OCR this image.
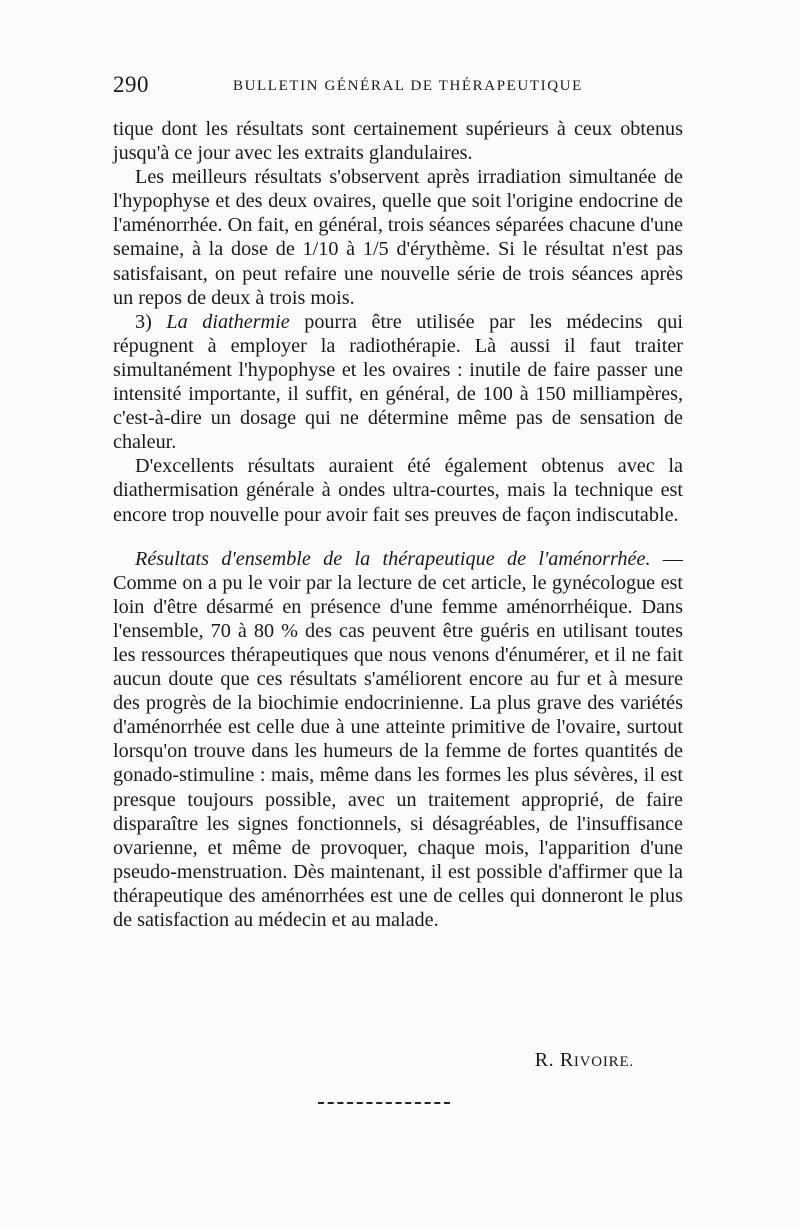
290	BULLETIN GÉNÉRAL DE THÉRAPEUTIQUE

tique dont les résultats sont certainement supérieurs à ceux obtenus jusqu'à ce jour avec les extraits glandulaires.

Les meilleurs résultats s'observent après irradiation simultanée de l'hypophyse et des deux ovaires, quelle que soit l'origine endocrine de l'aménorrhée. On fait, en général, trois séances séparées chacune d'une semaine, à la dose de 1/10 à 1/5 d'érythème. Si le résultat n'est pas satisfaisant, on peut refaire une nouvelle série de trois séances après un repos de deux à trois mois.

3) La diathermie pourra être utilisée par les médecins qui répugnent à employer la radiothérapie. Là aussi il faut traiter simultanément l'hypophyse et les ovaires : inutile de faire passer une intensité importante, il suffit, en général, de 100 à 150 milliampères, c'est-à-dire un dosage qui ne détermine même pas de sensation de chaleur.

D'excellents résultats auraient été également obtenus avec la diathermisation générale à ondes ultra-courtes, mais la technique est encore trop nouvelle pour avoir fait ses preuves de façon indiscutable.

Résultats d'ensemble de la thérapeutique de l'aménorrhée. — Comme on a pu le voir par la lecture de cet article, le gynécologue est loin d'être désarmé en présence d'une femme aménorrhéique. Dans l'ensemble, 70 à 80 % des cas peuvent être guéris en utilisant toutes les ressources thérapeutiques que nous venons d'énumérer, et il ne fait aucun doute que ces résultats s'améliorent encore au fur et à mesure des progrès de la biochimie endocrinienne. La plus grave des variétés d'aménorrhée est celle due à une atteinte primitive de l'ovaire, surtout lorsqu'on trouve dans les humeurs de la femme de fortes quantités de gonado-stimuline : mais, même dans les formes les plus sévères, il est presque toujours possible, avec un traitement approprié, de faire disparaître les signes fonctionnels, si désagréables, de l'insuffisance ovarienne, et même de provoquer, chaque mois, l'apparition d'une pseudo-menstruation. Dès maintenant, il est possible d'affirmer que la thérapeutique des aménorrhées est une de celles qui donneront le plus de satisfaction au médecin et au malade.

R. RIVOIRE.
